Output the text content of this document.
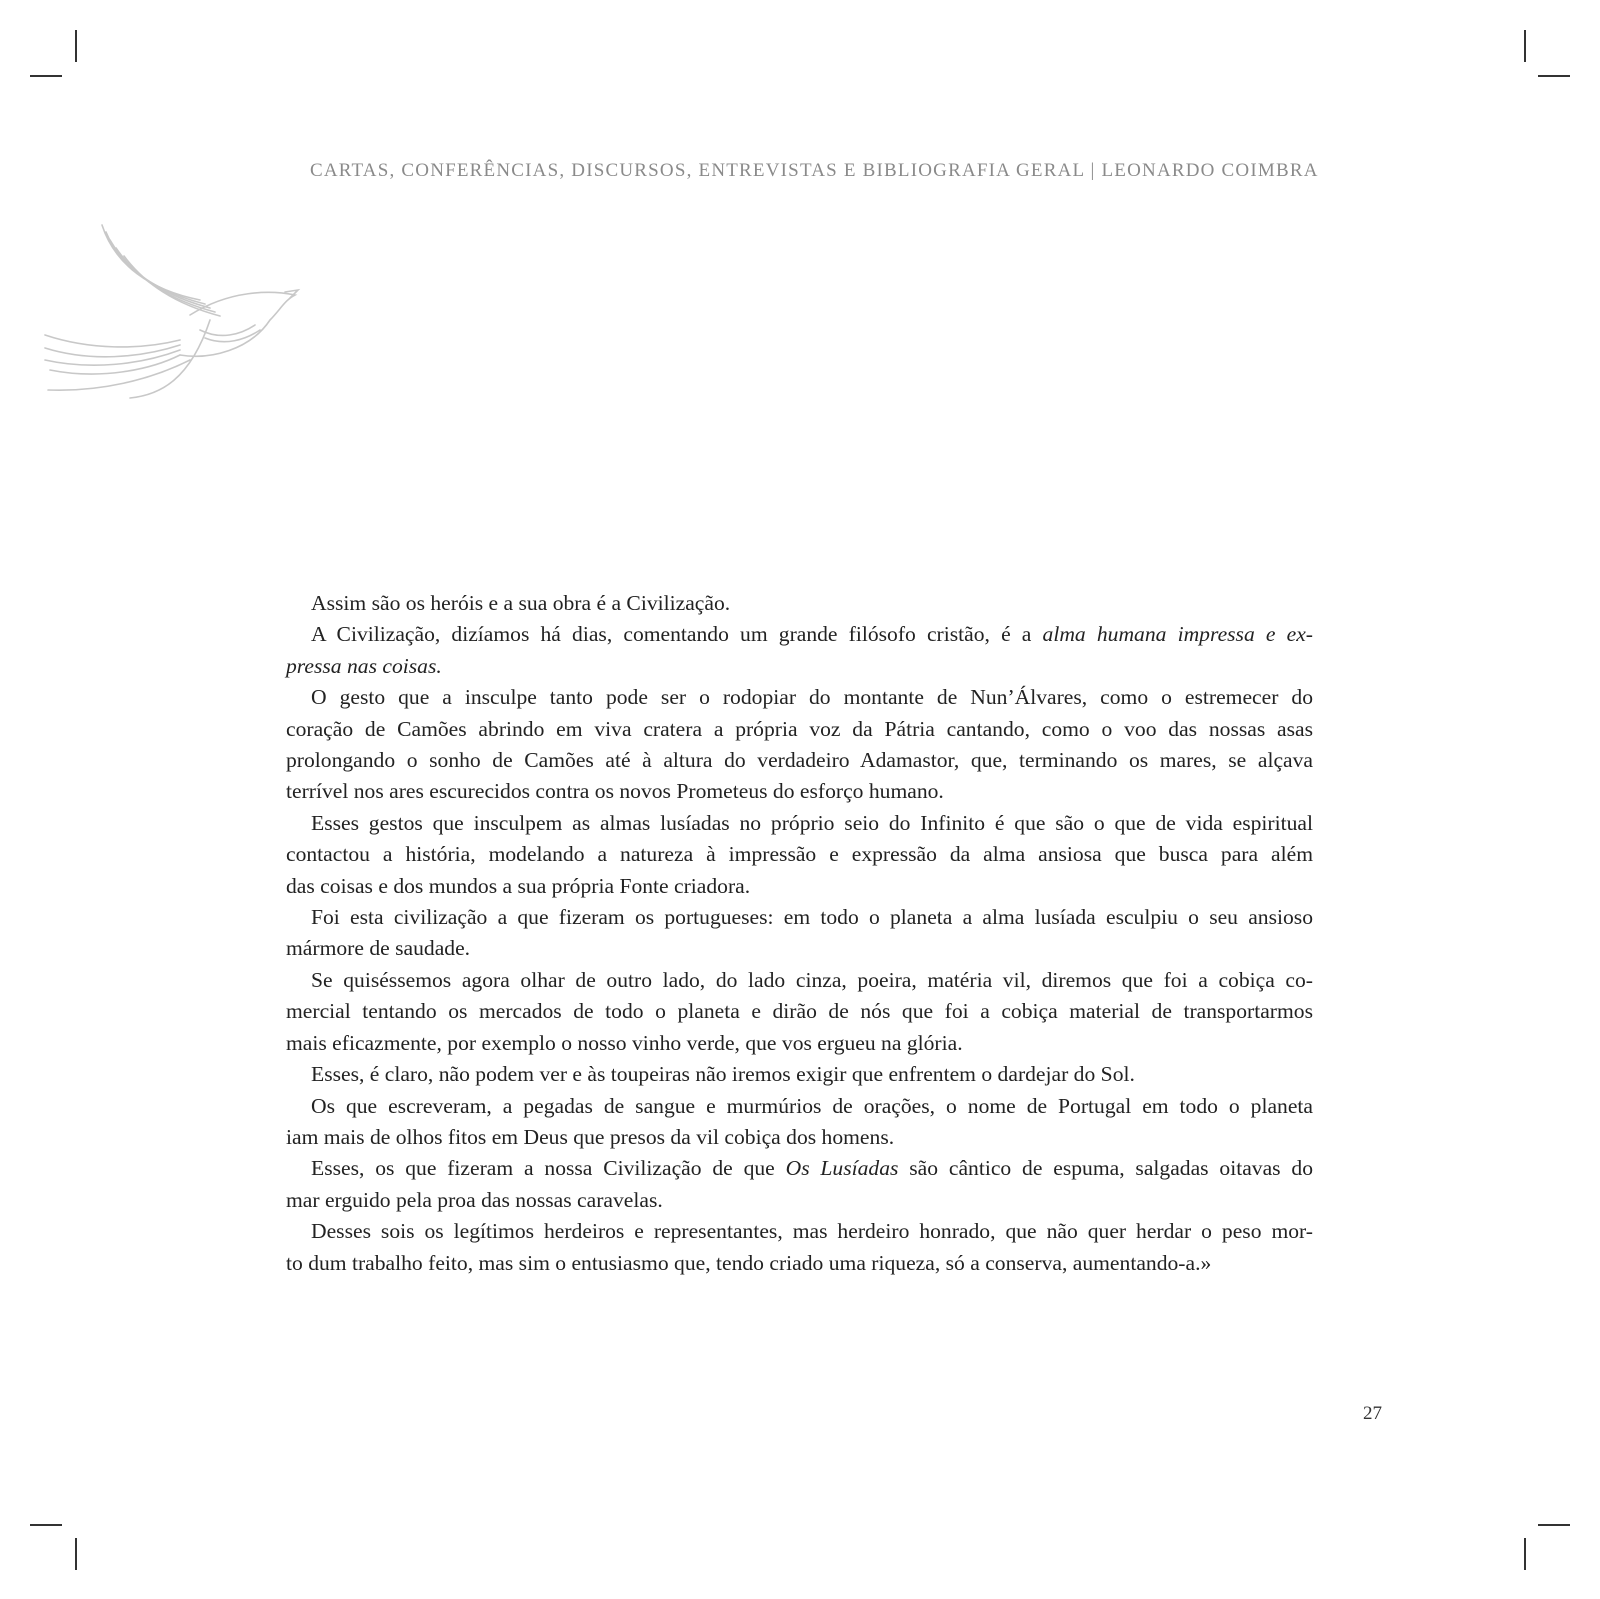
CARTAS, CONFERÊNCIAS, DISCURSOS, ENTREVISTAS E BIBLIOGRAFIA GERAL | LEONARDO COIMBRA
Assim são os heróis e a sua obra é a Civilização.
A Civilização, dizíamos há dias, comentando um grande filósofo cristão, é a alma humana impressa e ex-
pressa nas coisas.
O gesto que a insculpe tanto pode ser o rodopiar do montante de Nun’Álvares, como o estremecer do
coração de Camões abrindo em viva cratera a própria voz da Pátria cantando, como o voo das nossas asas
prolongando o sonho de Camões até à altura do verdadeiro Adamastor, que, terminando os mares, se alçava
terrível nos ares escurecidos contra os novos Prometeus do esforço humano.
Esses gestos que insculpem as almas lusíadas no próprio seio do Infinito é que são o que de vida espiritual
contactou a história, modelando a natureza à impressão e expressão da alma ansiosa que busca para além
das coisas e dos mundos a sua própria Fonte criadora.
Foi esta civilização a que fizeram os portugueses: em todo o planeta a alma lusíada esculpiu o seu ansioso
mármore de saudade.
Se quiséssemos agora olhar de outro lado, do lado cinza, poeira, matéria vil, diremos que foi a cobiça co-
mercial tentando os mercados de todo o planeta e dirão de nós que foi a cobiça material de transportarmos
mais eficazmente, por exemplo o nosso vinho verde, que vos ergueu na glória.
Esses, é claro, não podem ver e às toupeiras não iremos exigir que enfrentem o dardejar do Sol.
Os que escreveram, a pegadas de sangue e murmúrios de orações, o nome de Portugal em todo o planeta
iam mais de olhos fitos em Deus que presos da vil cobiça dos homens.
Esses, os que fizeram a nossa Civilização de que Os Lusíadas são cântico de espuma, salgadas oitavas do
mar erguido pela proa das nossas caravelas.
Desses sois os legítimos herdeiros e representantes, mas herdeiro honrado, que não quer herdar o peso mor-
to dum trabalho feito, mas sim o entusiasmo que, tendo criado uma riqueza, só a conserva, aumentando-a.»
27
